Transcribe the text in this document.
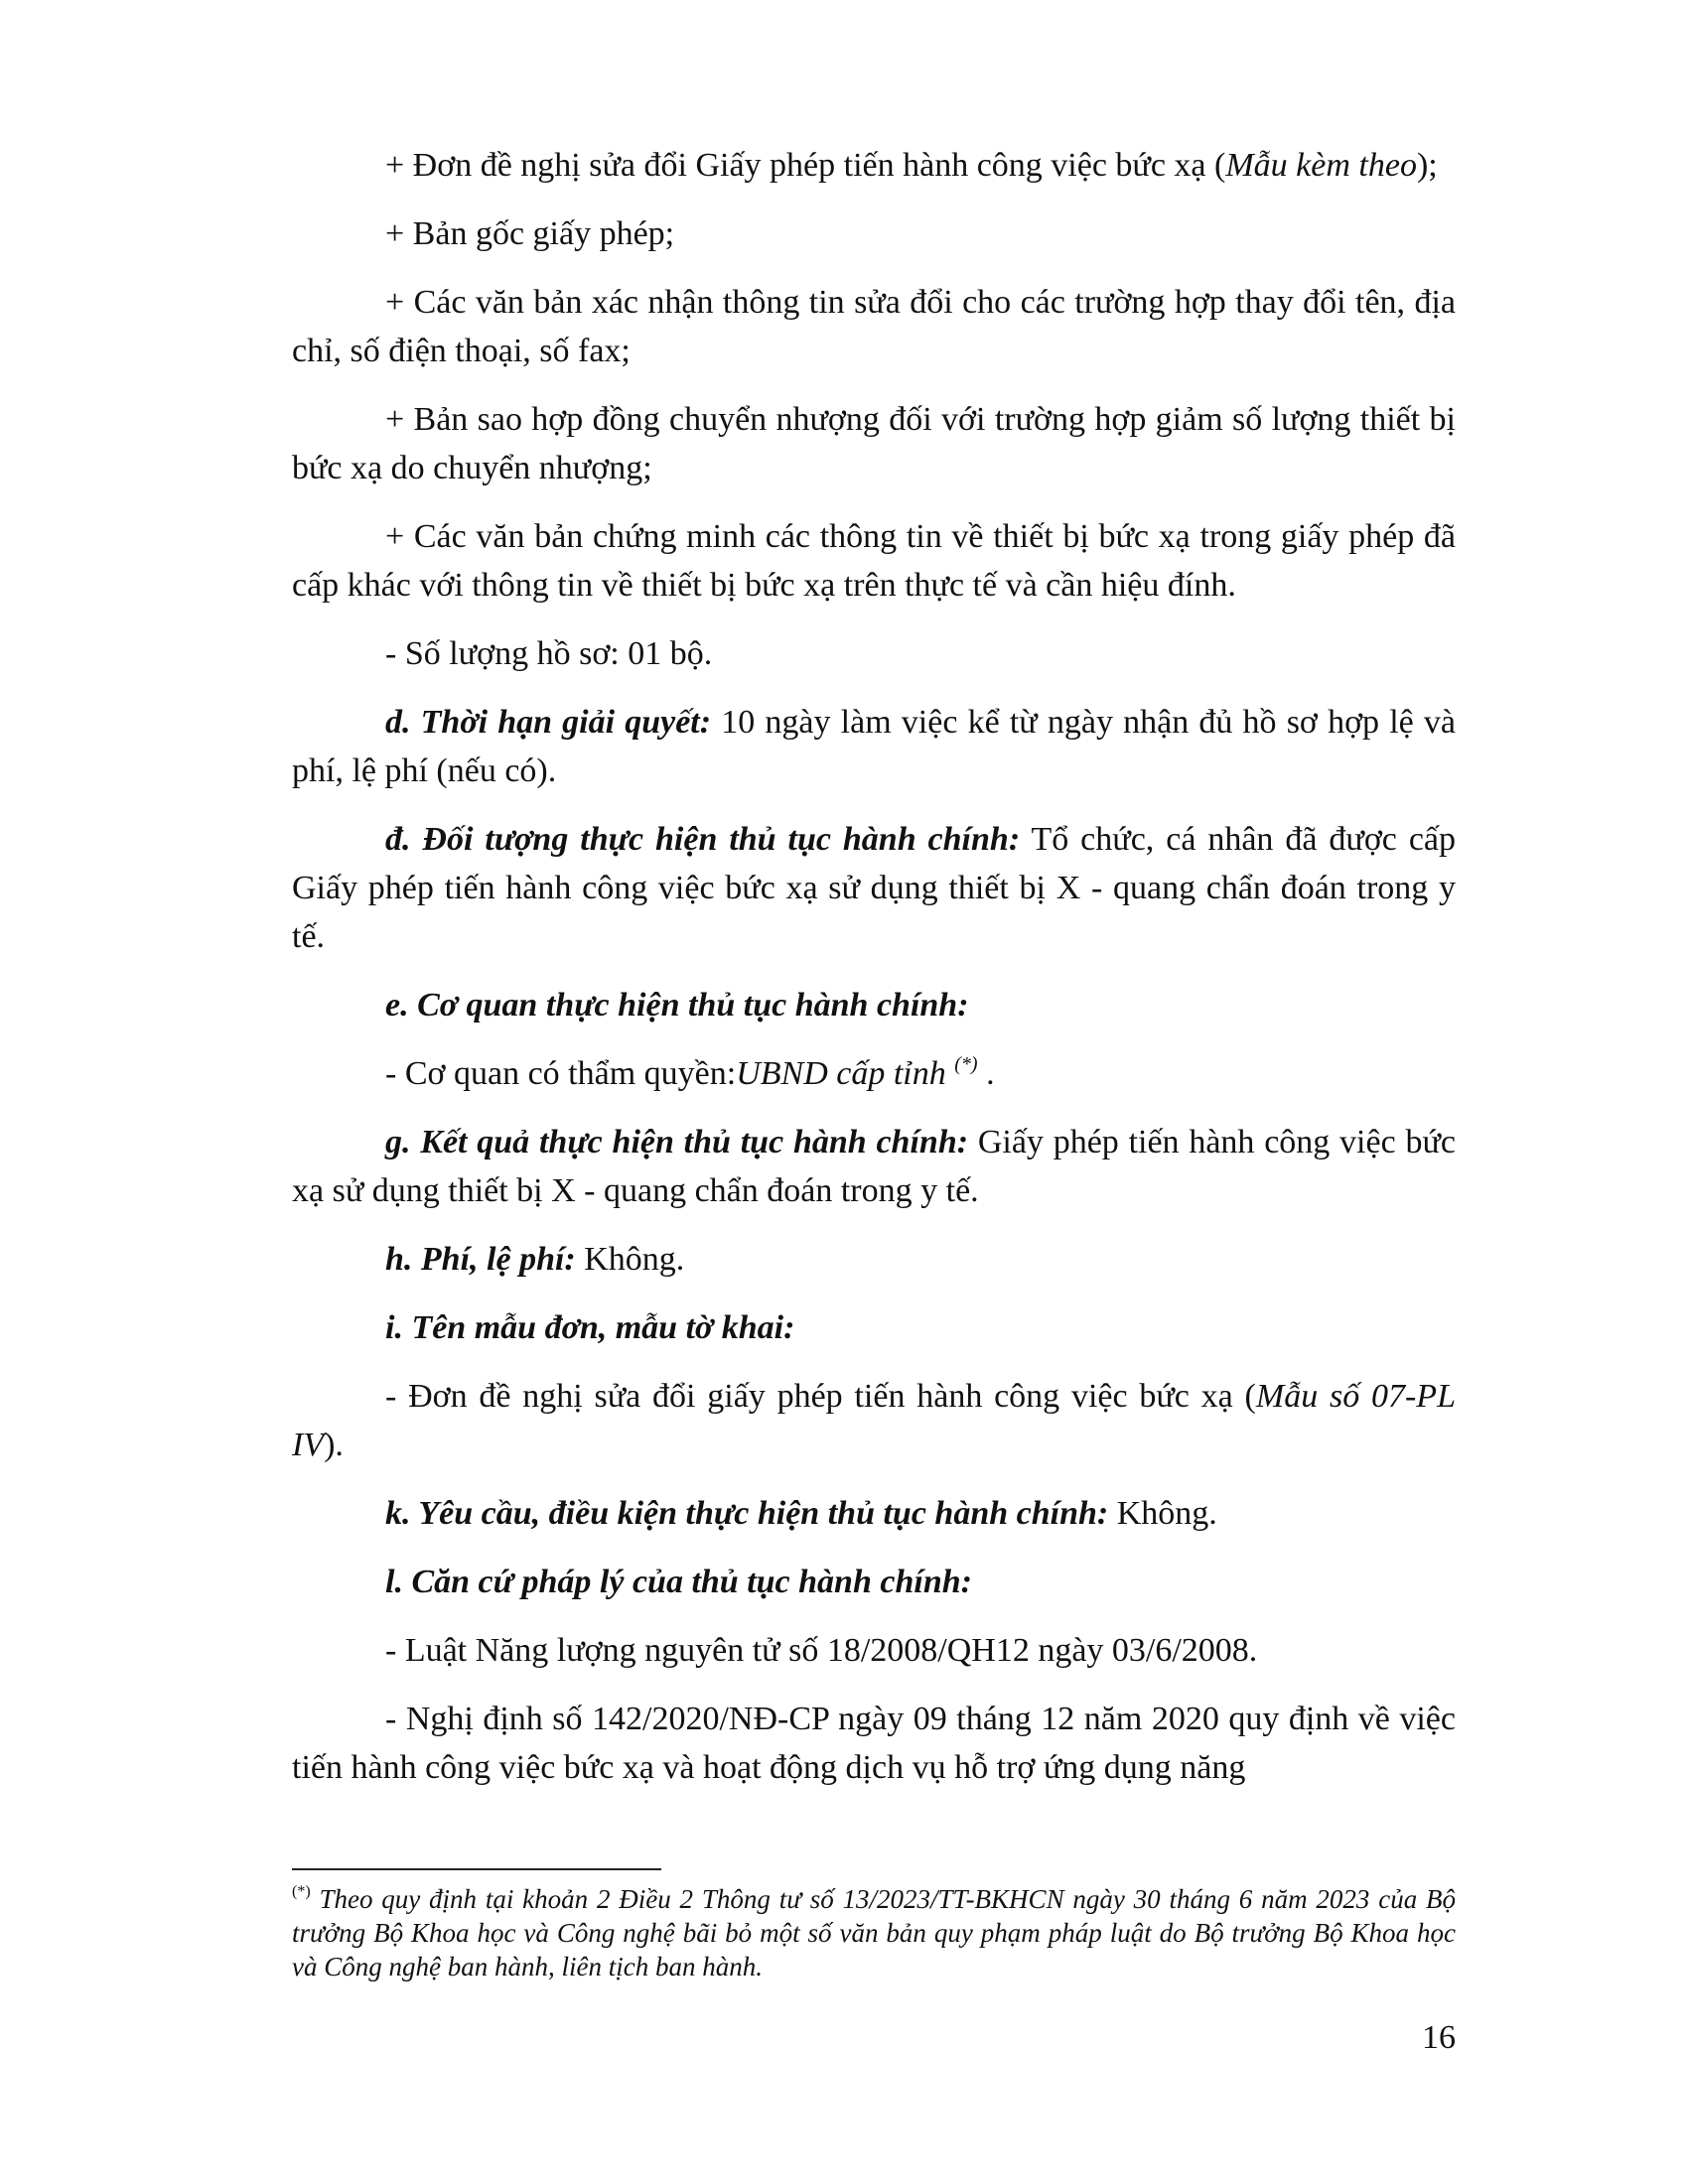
+ Đơn đề nghị sửa đổi Giấy phép tiến hành công việc bức xạ (Mẫu kèm theo);

+ Bản gốc giấy phép;

+ Các văn bản xác nhận thông tin sửa đổi cho các trường hợp thay đổi tên, địa chỉ, số điện thoại, số fax;

+ Bản sao hợp đồng chuyển nhượng đối với trường hợp giảm số lượng thiết bị bức xạ do chuyển nhượng;

+ Các văn bản chứng minh các thông tin về thiết bị bức xạ trong giấy phép đã cấp khác với thông tin về thiết bị bức xạ trên thực tế và cần hiệu đính.

- Số lượng hồ sơ: 01 bộ.

d. Thời hạn giải quyết: 10 ngày làm việc kể từ ngày nhận đủ hồ sơ hợp lệ và phí, lệ phí (nếu có).

đ. Đối tượng thực hiện thủ tục hành chính: Tổ chức, cá nhân đã được cấp Giấy phép tiến hành công việc bức xạ sử dụng thiết bị X - quang chẩn đoán trong y tế.

e. Cơ quan thực hiện thủ tục hành chính:

- Cơ quan có thẩm quyền:UBND cấp tỉnh (*) .

g. Kết quả thực hiện thủ tục hành chính: Giấy phép tiến hành công việc bức xạ sử dụng thiết bị X - quang chẩn đoán trong y tế.

h. Phí, lệ phí: Không.

i. Tên mẫu đơn, mẫu tờ khai:

- Đơn đề nghị sửa đổi giấy phép tiến hành công việc bức xạ (Mẫu số 07-PL IV).

k. Yêu cầu, điều kiện thực hiện thủ tục hành chính: Không.

l. Căn cứ pháp lý của thủ tục hành chính:

- Luật Năng lượng nguyên tử số 18/2008/QH12 ngày 03/6/2008.

- Nghị định số 142/2020/NĐ-CP ngày 09 tháng 12 năm 2020 quy định về việc tiến hành công việc bức xạ và hoạt động dịch vụ hỗ trợ ứng dụng năng

(*) Theo quy định tại khoản 2 Điều 2 Thông tư số 13/2023/TT-BKHCN ngày 30 tháng 6 năm 2023 của Bộ trưởng Bộ Khoa học và Công nghệ bãi bỏ một số văn bản quy phạm pháp luật do Bộ trưởng Bộ Khoa học và Công nghệ ban hành, liên tịch ban hành.
16
